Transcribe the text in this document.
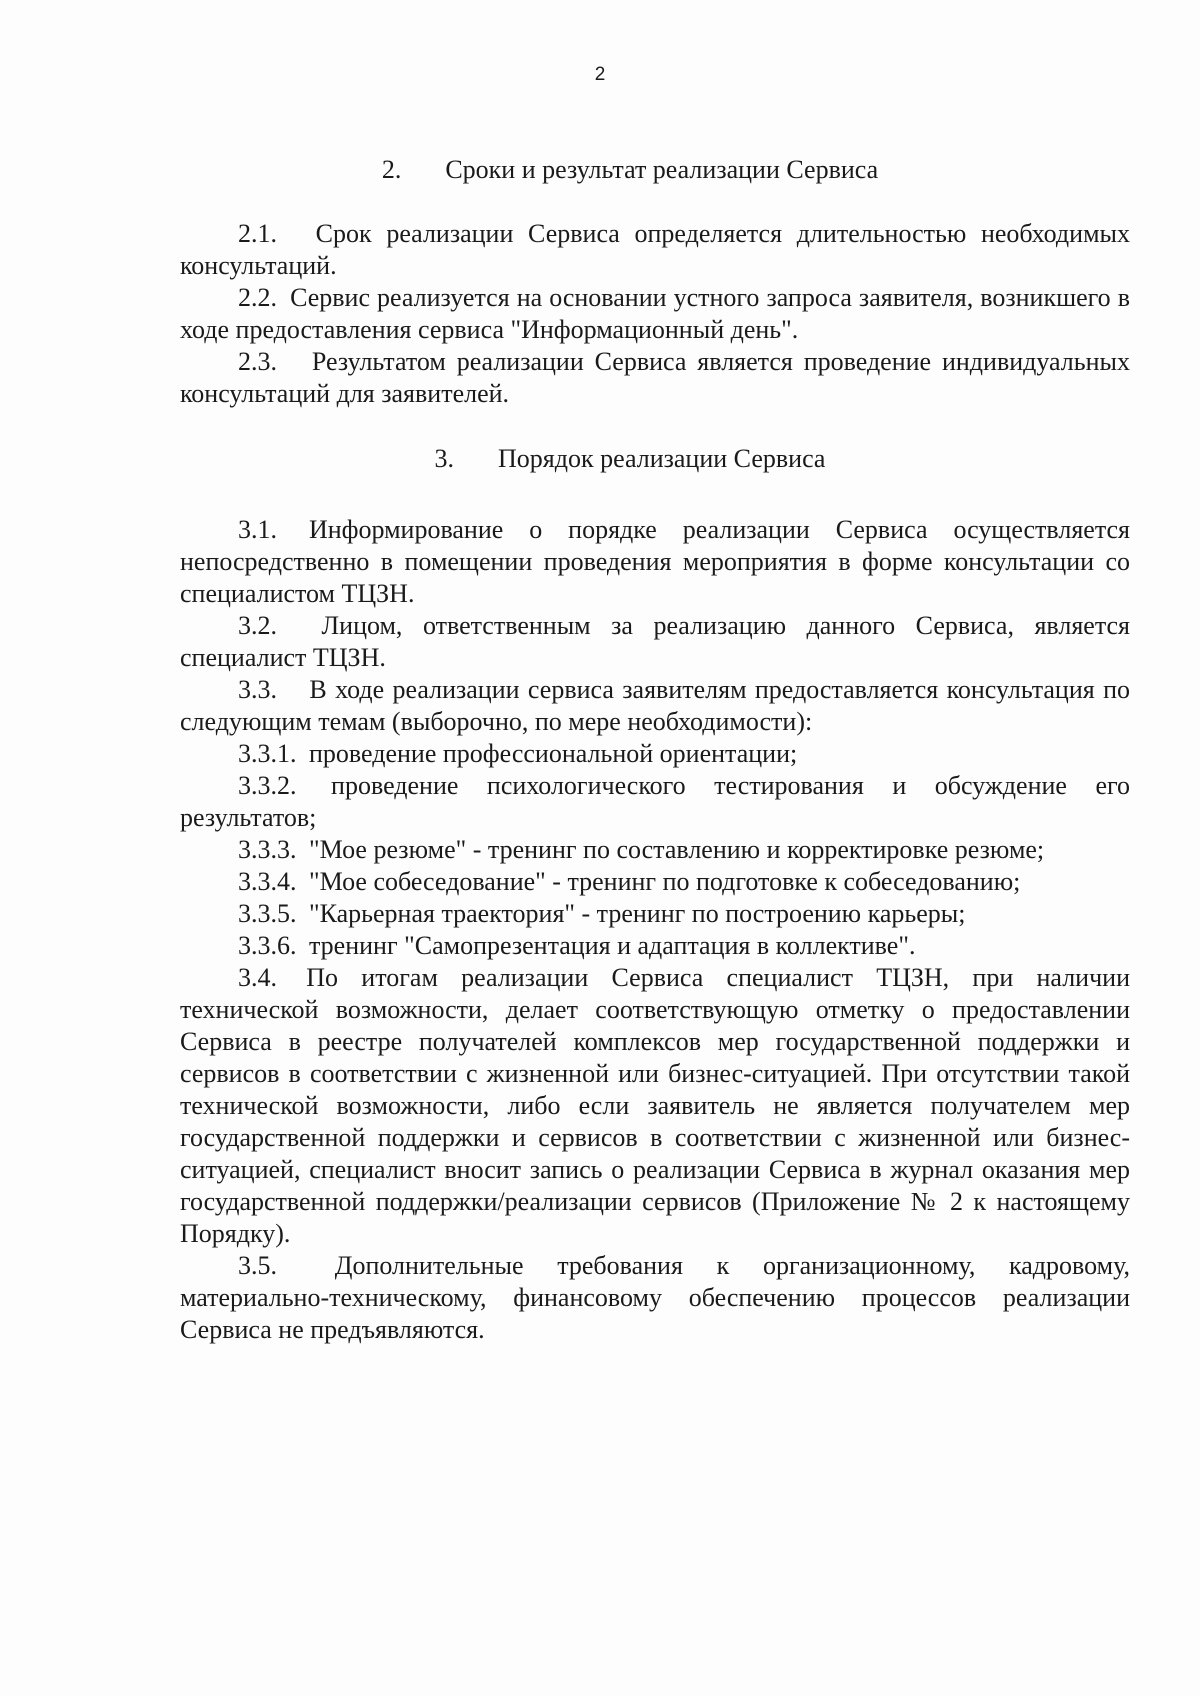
2
2. Сроки и результат реализации Сервиса

2.1. Срок реализации Сервиса определяется длительностью необходимых консультаций.

2.2. Сервис реализуется на основании устного запроса заявителя, возникшего в ходе предоставления сервиса "Информационный день".

2.3. Результатом реализации Сервиса является проведение индивидуальных консультаций для заявителей.

3. Порядок реализации Сервиса

3.1. Информирование о порядке реализации Сервиса осуществляется непосредственно в помещении проведения мероприятия в форме консультации со специалистом ТЦЗН.

3.2. Лицом, ответственным за реализацию данного Сервиса, является специалист ТЦЗН.

3.3. В ходе реализации сервиса заявителям предоставляется консультация по следующим темам (выборочно, по мере необходимости):

3.3.1. проведение профессиональной ориентации;

3.3.2. проведение психологического тестирования и обсуждение его результатов;

3.3.3. "Мое резюме" - тренинг по составлению и корректировке резюме;

3.3.4. "Мое собеседование" - тренинг по подготовке к собеседованию;

3.3.5. "Карьерная траектория" - тренинг по построению карьеры;

3.3.6. тренинг "Самопрезентация и адаптация в коллективе".

3.4. По итогам реализации Сервиса специалист ТЦЗН, при наличии технической возможности, делает соответствующую отметку о предоставлении Сервиса в реестре получателей комплексов мер государственной поддержки и сервисов в соответствии с жизненной или бизнес-ситуацией. При отсутствии такой технической возможности, либо если заявитель не является получателем мер государственной поддержки и сервисов в соответствии с жизненной или бизнес-ситуацией, специалист вносит запись о реализации Сервиса в журнал оказания мер государственной поддержки/реализации сервисов (Приложение № 2 к настоящему Порядку).

3.5. Дополнительные требования к организационному, кадровому, материально-техническому, финансовому обеспечению процессов реализации Сервиса не предъявляются.
